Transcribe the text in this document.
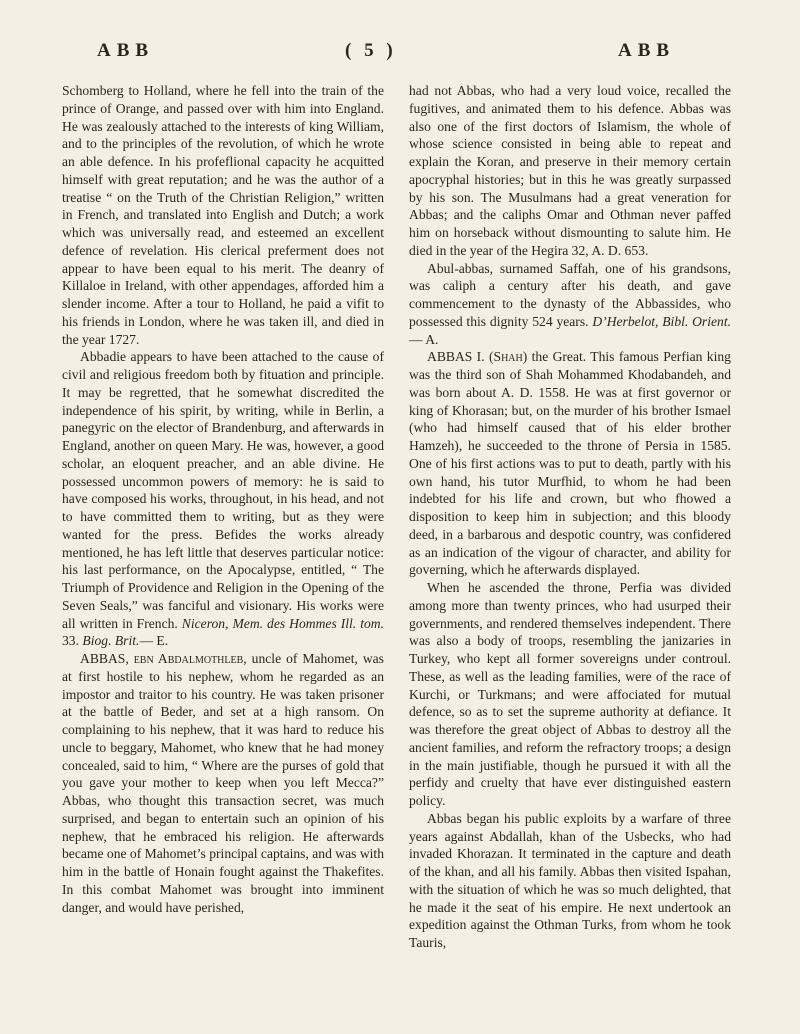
ABB	( 5 )	ABB

Schomberg to Holland, where he fell into the train of the prince of Orange, and passed over with him into England. He was zealously attached to the interests of king William, and to the principles of the revolution, of which he wrote an able defence. In his profeflional capacity he acquitted himself with great reputation; and he was the author of a treatise “ on the Truth of the Christian Religion,” written in French, and translated into English and Dutch; a work which was universally read, and esteemed an excellent defence of revelation. His clerical preferment does not appear to have been equal to his merit. The deanry of Killaloe in Ireland, with other appendages, afforded him a slender income. After a tour to Holland, he paid a vifit to his friends in London, where he was taken ill, and died in the year 1727.

Abbadie appears to have been attached to the cause of civil and religious freedom both by fituation and principle. It may be regretted, that he somewhat discredited the independence of his spirit, by writing, while in Berlin, a panegyric on the elector of Brandenburg, and afterwards in England, another on queen Mary. He was, however, a good scholar, an eloquent preacher, and an able divine. He possessed uncommon powers of memory: he is said to have composed his works, throughout, in his head, and not to have committed them to writing, but as they were wanted for the press. Befides the works already mentioned, he has left little that deserves particular notice: his last performance, on the Apocalypse, entitled, “ The Triumph of Providence and Religion in the Opening of the Seven Seals,” was fanciful and visionary. His works were all written in French. Niceron, Mem. des Hommes Ill. tom. 33. Biog. Brit.— E.

ABBAS, ebn Abdalmothleb, uncle of Mahomet, was at first hostile to his nephew, whom he regarded as an impostor and traitor to his country. He was taken prisoner at the battle of Beder, and set at a high ransom. On complaining to his nephew, that it was hard to reduce his uncle to beggary, Mahomet, who knew that he had money concealed, said to him, “ Where are the purses of gold that you gave your mother to keep when you left Mecca?” Abbas, who thought this transaction secret, was much surprised, and began to entertain such an opinion of his nephew, that he embraced his religion. He afterwards became one of Mahomet’s principal captains, and was with him in the battle of Honain fought against the Thakefites. In this combat Mahomet was brought into imminent danger, and would have perished,

had not Abbas, who had a very loud voice, recalled the fugitives, and animated them to his defence. Abbas was also one of the first doctors of Islamism, the whole of whose science consisted in being able to repeat and explain the Koran, and preserve in their memory certain apocryphal histories; but in this he was greatly surpassed by his son. The Musulmans had a great veneration for Abbas; and the caliphs Omar and Othman never paffed him on horseback without dismounting to salute him. He died in the year of the Hegira 32, A. D. 653.

Abul-abbas, surnamed Saffah, one of his grandsons, was caliph a century after his death, and gave commencement to the dynasty of the Abbassides, who possessed this dignity 524 years. D’Herbelot, Bibl. Orient.— A.

ABBAS I. (Shah) the Great. This famous Perfian king was the third son of Shah Mohammed Khodabandeh, and was born about A. D. 1558. He was at first governor or king of Khorasan; but, on the murder of his brother Ismael (who had himself caused that of his elder brother Hamzeh), he succeeded to the throne of Persia in 1585. One of his first actions was to put to death, partly with his own hand, his tutor Murfhid, to whom he had been indebted for his life and crown, but who fhowed a disposition to keep him in subjection; and this bloody deed, in a barbarous and despotic country, was confidered as an indication of the vigour of character, and ability for governing, which he afterwards displayed.

When he ascended the throne, Perfia was divided among more than twenty princes, who had usurped their governments, and rendered themselves independent. There was also a body of troops, resembling the janizaries in Turkey, who kept all former sovereigns under controul. These, as well as the leading families, were of the race of Kurchi, or Turkmans; and were affociated for mutual defence, so as to set the supreme authority at defiance. It was therefore the great object of Abbas to destroy all the ancient families, and reform the refractory troops; a design in the main justifiable, though he pursued it with all the perfidy and cruelty that have ever distinguished eastern policy.

Abbas began his public exploits by a warfare of three years against Abdallah, khan of the Usbecks, who had invaded Khorazan. It terminated in the capture and death of the khan, and all his family. Abbas then visited Ispahan, with the situation of which he was so much delighted, that he made it the seat of his empire. He next undertook an expedition against the Othman Turks, from whom he took Tauris,
